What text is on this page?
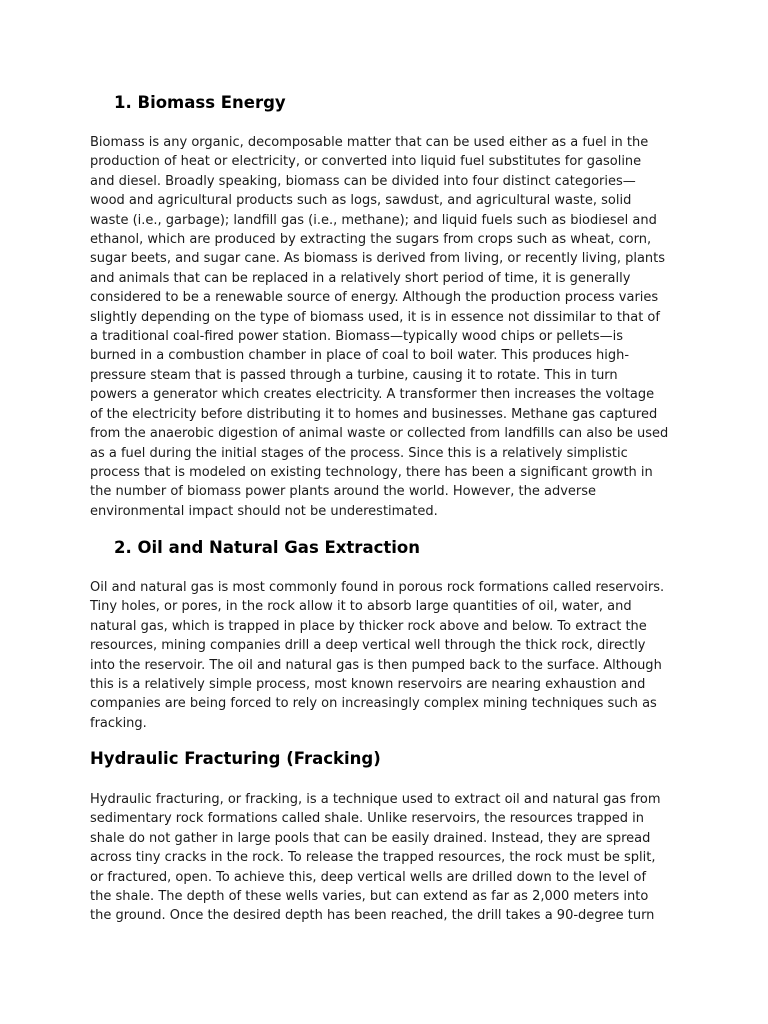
1. Biomass Energy
Biomass is any organic, decomposable matter that can be used either as a fuel in the
production of heat or electricity, or converted into liquid fuel substitutes for gasoline
and diesel. Broadly speaking, biomass can be divided into four distinct categories—
wood and agricultural products such as logs, sawdust, and agricultural waste, solid
waste (i.e., garbage); landfill gas (i.e., methane); and liquid fuels such as biodiesel and
ethanol, which are produced by extracting the sugars from crops such as wheat, corn,
sugar beets, and sugar cane. As biomass is derived from living, or recently living, plants
and animals that can be replaced in a relatively short period of time, it is generally
considered to be a renewable source of energy. Although the production process varies
slightly depending on the type of biomass used, it is in essence not dissimilar to that of
a traditional coal-fired power station. Biomass—typically wood chips or pellets—is
burned in a combustion chamber in place of coal to boil water. This produces high-
pressure steam that is passed through a turbine, causing it to rotate. This in turn
powers a generator which creates electricity. A transformer then increases the voltage
of the electricity before distributing it to homes and businesses. Methane gas captured
from the anaerobic digestion of animal waste or collected from landfills can also be used
as a fuel during the initial stages of the process. Since this is a relatively simplistic
process that is modeled on existing technology, there has been a significant growth in
the number of biomass power plants around the world. However, the adverse
environmental impact should not be underestimated.
2. Oil and Natural Gas Extraction
Oil and natural gas is most commonly found in porous rock formations called reservoirs.
Tiny holes, or pores, in the rock allow it to absorb large quantities of oil, water, and
natural gas, which is trapped in place by thicker rock above and below. To extract the
resources, mining companies drill a deep vertical well through the thick rock, directly
into the reservoir. The oil and natural gas is then pumped back to the surface. Although
this is a relatively simple process, most known reservoirs are nearing exhaustion and
companies are being forced to rely on increasingly complex mining techniques such as
fracking.
Hydraulic Fracturing (Fracking)
Hydraulic fracturing, or fracking, is a technique used to extract oil and natural gas from
sedimentary rock formations called shale. Unlike reservoirs, the resources trapped in
shale do not gather in large pools that can be easily drained. Instead, they are spread
across tiny cracks in the rock. To release the trapped resources, the rock must be split,
or fractured, open. To achieve this, deep vertical wells are drilled down to the level of
the shale. The depth of these wells varies, but can extend as far as 2,000 meters into
the ground. Once the desired depth has been reached, the drill takes a 90-degree turn
